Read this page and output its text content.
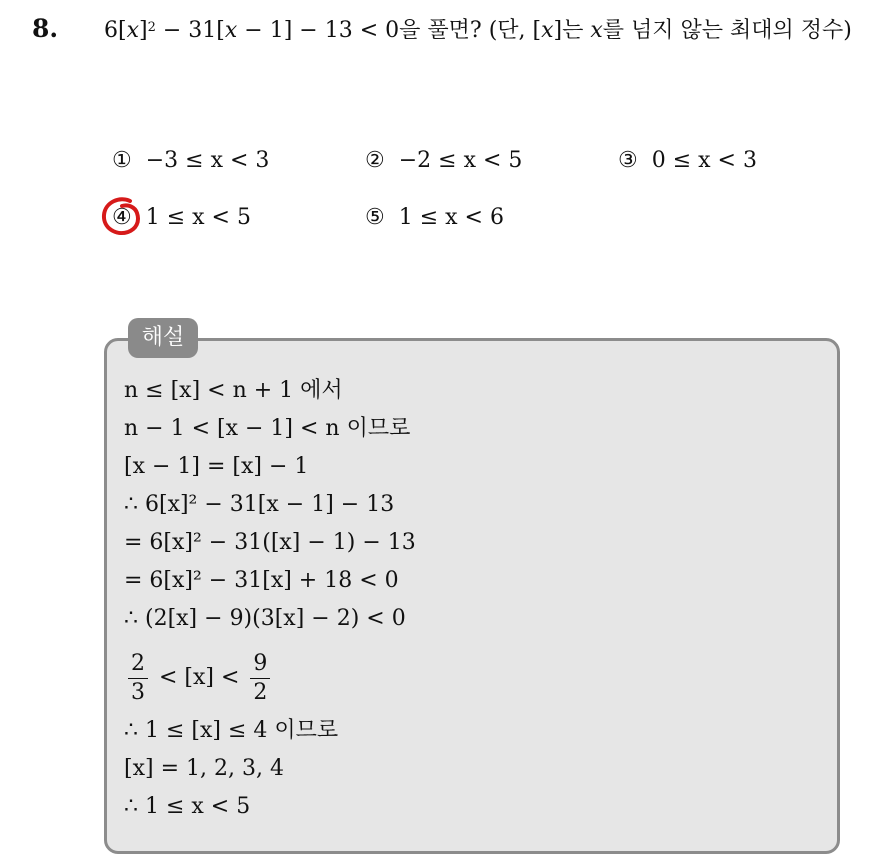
8. $6[x]^2 - 31[x - 1] - 13 < 0$을 풀면? (단, [x]는 x를 넘지 않는 최대의 정수)
① −3 ≤ x < 3	② −2 ≤ x < 5	③ 0 ≤ x < 3
④ 1 ≤ x < 5	⑤ 1 ≤ x < 6
해설
n ≤ [x] < n + 1 에서
n − 1 < [x − 1] < n 이므로
[x − 1] = [x] − 1
∴ 6[x]² − 31[x − 1] − 13
= 6[x]² − 31([x] − 1) − 13
= 6[x]² − 31[x] + 18 < 0
∴ (2[x] − 9)(3[x] − 2) < 0
$\frac{2}{3} < [x] < \frac{9}{2}$
∴ 1 ≤ [x] ≤ 4 이므로
[x] = 1, 2, 3, 4
∴ 1 ≤ x < 5
